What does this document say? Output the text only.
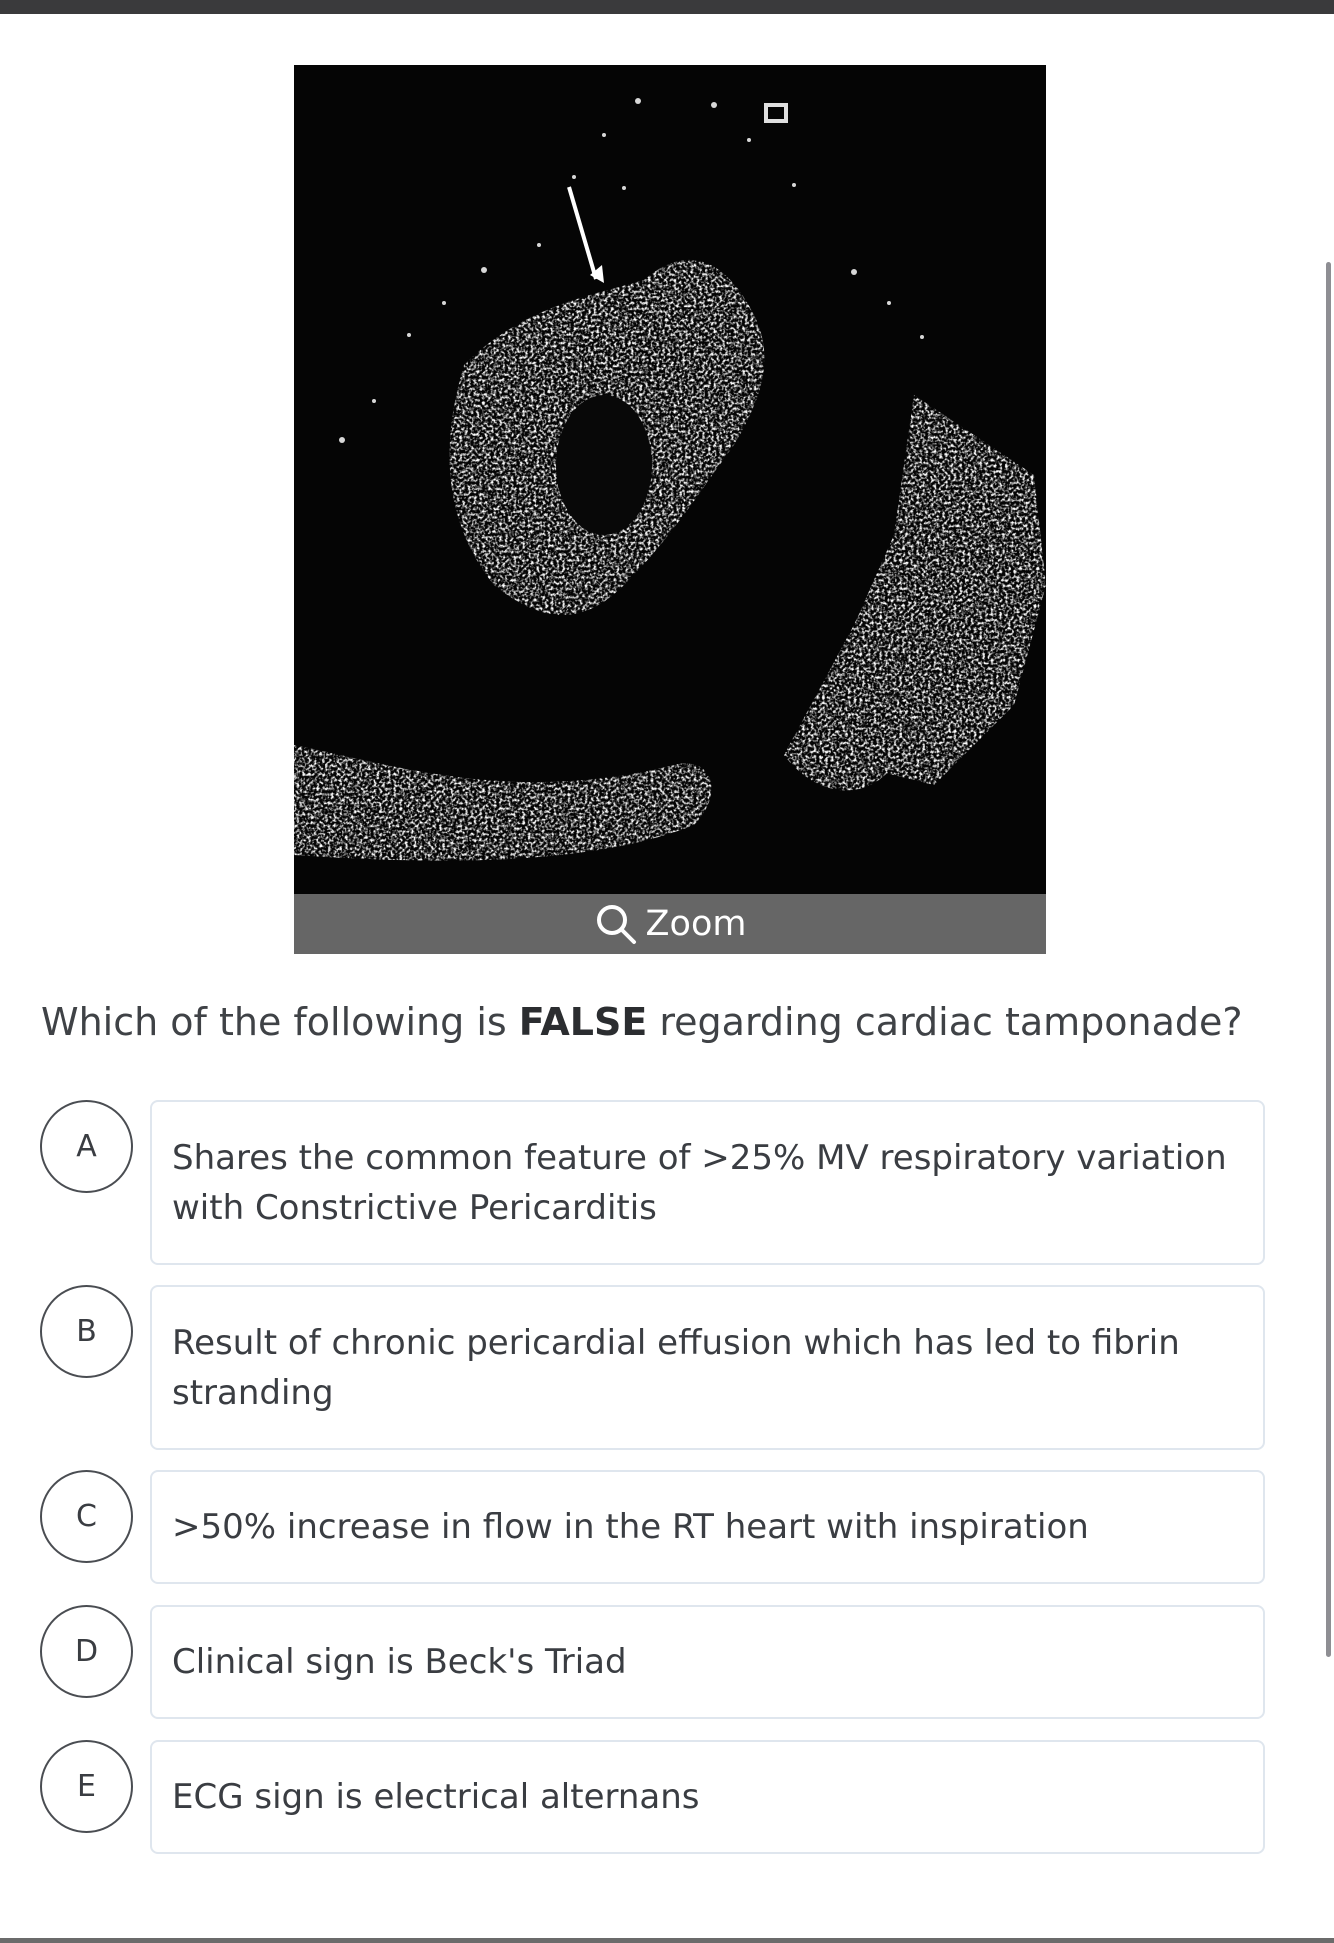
Zoom
Which of the following is FALSE regarding cardiac tamponade?
A	Shares the common feature of >25% MV respiratory variation with Constrictive Pericarditis
B	Result of chronic pericardial effusion which has led to fibrin stranding
C	>50% increase in flow in the RT heart with inspiration
D	Clinical sign is Beck's Triad
E	ECG sign is electrical alternans
